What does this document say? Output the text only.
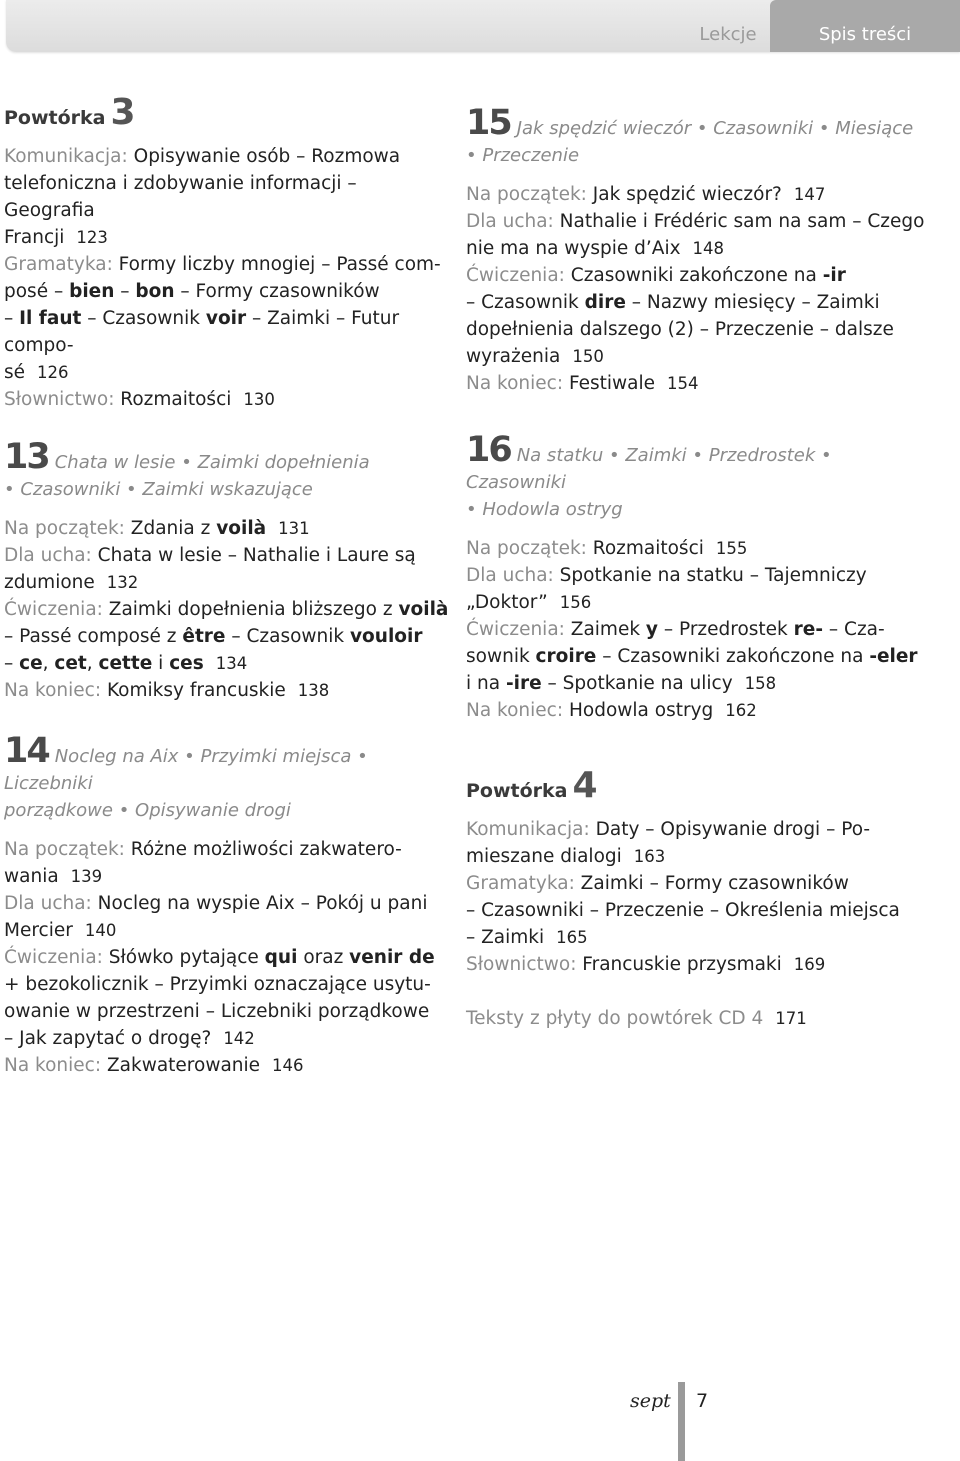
Lekcje	Spis treści
Powtórka 3
Komunikacja: Opisywanie osób – Rozmowa
telefoniczna i zdobywanie informacji – Geografia
Francji 123
Gramatyka: Formy liczby mnogiej – Passé com-
posé – bien – bon – Formy czasowników
– Il faut – Czasownik voir – Zaimki – Futur compo-
sé 126
Słownictwo: Rozmaitości 130
13 Chata w lesie • Zaimki dopełnienia
• Czasowniki • Zaimki wskazujące
Na początek: Zdania z voilà 131
Dla ucha: Chata w lesie – Nathalie i Laure są
zdumione 132
Ćwiczenia: Zaimki dopełnienia bliższego z voilà
– Passé composé z être – Czasownik vouloir
– ce, cet, cette i ces 134
Na koniec: Komiksy francuskie 138
14 Nocleg na Aix • Przyimki miejsca • Liczebniki
porządkowe • Opisywanie drogi
Na początek: Różne możliwości zakwatero-
wania 139
Dla ucha: Nocleg na wyspie Aix – Pokój u pani
Mercier 140
Ćwiczenia: Słówko pytające qui oraz venir de
+ bezokolicznik – Przyimki oznaczające usytu-
owanie w przestrzeni – Liczebniki porządkowe
– Jak zapytać o drogę? 142
Na koniec: Zakwaterowanie 146
15 Jak spędzić wieczór • Czasowniki • Miesiące
• Przeczenie
Na początek: Jak spędzić wieczór? 147
Dla ucha: Nathalie i Frédéric sam na sam – Czego
nie ma na wyspie d’Aix 148
Ćwiczenia: Czasowniki zakończone na -ir
– Czasownik dire – Nazwy miesięcy – Zaimki
dopełnienia dalszego (2) – Przeczenie – dalsze
wyrażenia 150
Na koniec: Festiwale 154
16 Na statku • Zaimki • Przedrostek • Czasowniki
• Hodowla ostryg
Na początek: Rozmaitości 155
Dla ucha: Spotkanie na statku – Tajemniczy
„Doktor” 156
Ćwiczenia: Zaimek y – Przedrostek re- – Cza-
sownik croire – Czasowniki zakończone na -eler
i na -ire – Spotkanie na ulicy 158
Na koniec: Hodowla ostryg 162
Powtórka 4
Komunikacja: Daty – Opisywanie drogi – Po-
mieszane dialogi 163
Gramatyka: Zaimki – Formy czasowników
– Czasowniki – Przeczenie – Określenia miejsca
– Zaimki 165
Słownictwo: Francuskie przysmaki 169
Teksty z płyty do powtórek CD 4 171
sept 7
